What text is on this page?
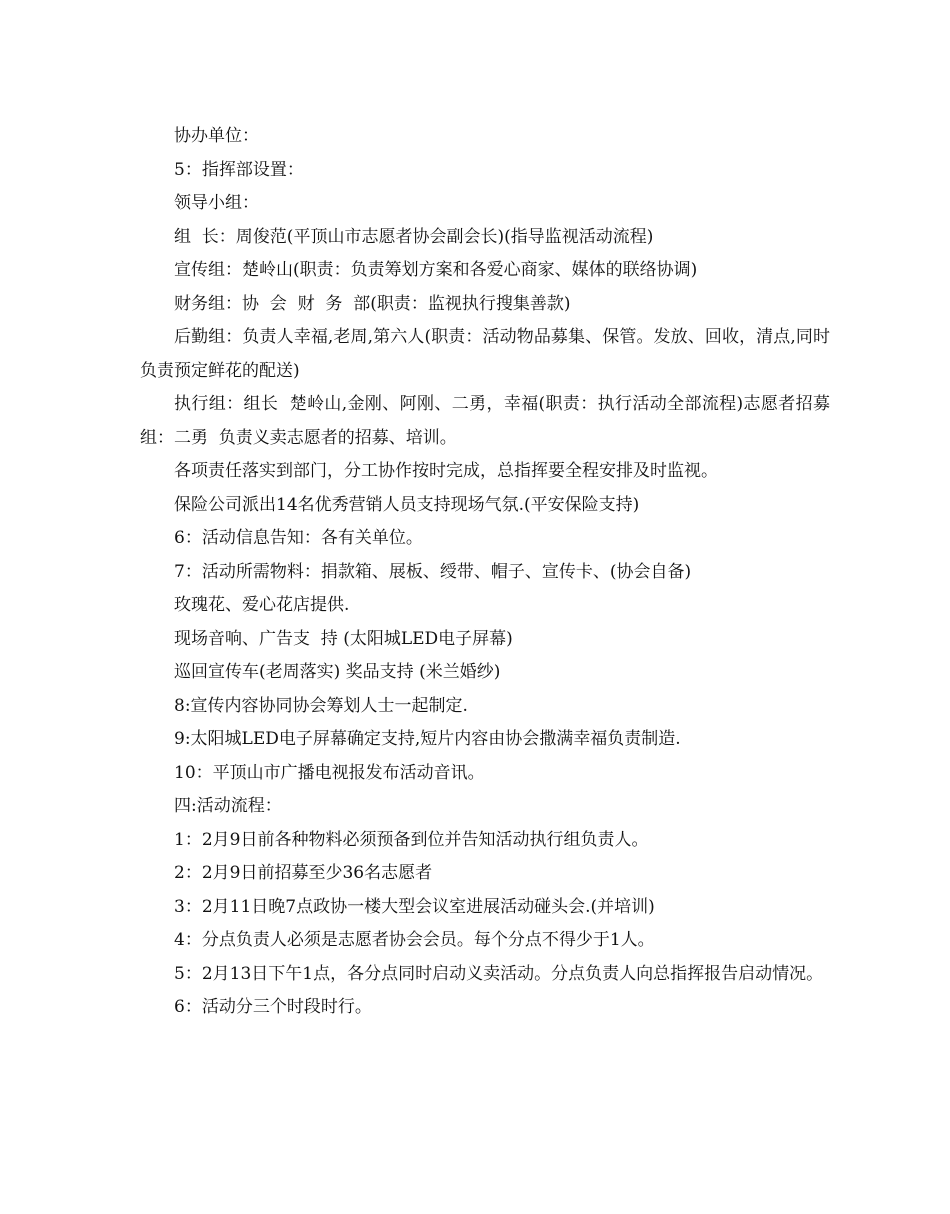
协办单位：

5：指挥部设置：

领导小组：

组  长：周俊范(平顶山市志愿者协会副会长)(指导监视活动流程)

宣传组：楚岭山(职责：负责筹划方案和各爱心商家、媒体的联络协调)

财务组：协  会  财  务  部(职责：监视执行搜集善款)

后勤组：负责人幸福,老周,第六人(职责：活动物品募集、保管。发放、回收，清点,同时负责预定鲜花的配送)

执行组：组长  楚岭山,金刚、阿刚、二勇，幸福(职责：执行活动全部流程)志愿者招募组：二勇  负责义卖志愿者的招募、培训。

各项责任落实到部门，分工协作按时完成，总指挥要全程安排及时监视。

保险公司派出14名优秀营销人员支持现场气氛.(平安保险支持)

6：活动信息告知：各有关单位。

7：活动所需物料：捐款箱、展板、绶带、帽子、宣传卡、(协会自备)

玫瑰花、爱心花店提供.

现场音响、广告支  持 (太阳城LED电子屏幕)

巡回宣传车(老周落实) 奖品支持 (米兰婚纱)

8:宣传内容协同协会筹划人士一起制定.

9:太阳城LED电子屏幕确定支持,短片内容由协会撒满幸福负责制造.

10：平顶山市广播电视报发布活动音讯。

四:活动流程：

1：2月9日前各种物料必须预备到位并告知活动执行组负责人。

2：2月9日前招募至少36名志愿者

3：2月11日晚7点政协一楼大型会议室进展活动碰头会.(并培训)

4：分点负责人必须是志愿者协会会员。每个分点不得少于1人。

5：2月13日下午1点，各分点同时启动义卖活动。分点负责人向总指挥报告启动情况。

6：活动分三个时段时行。
